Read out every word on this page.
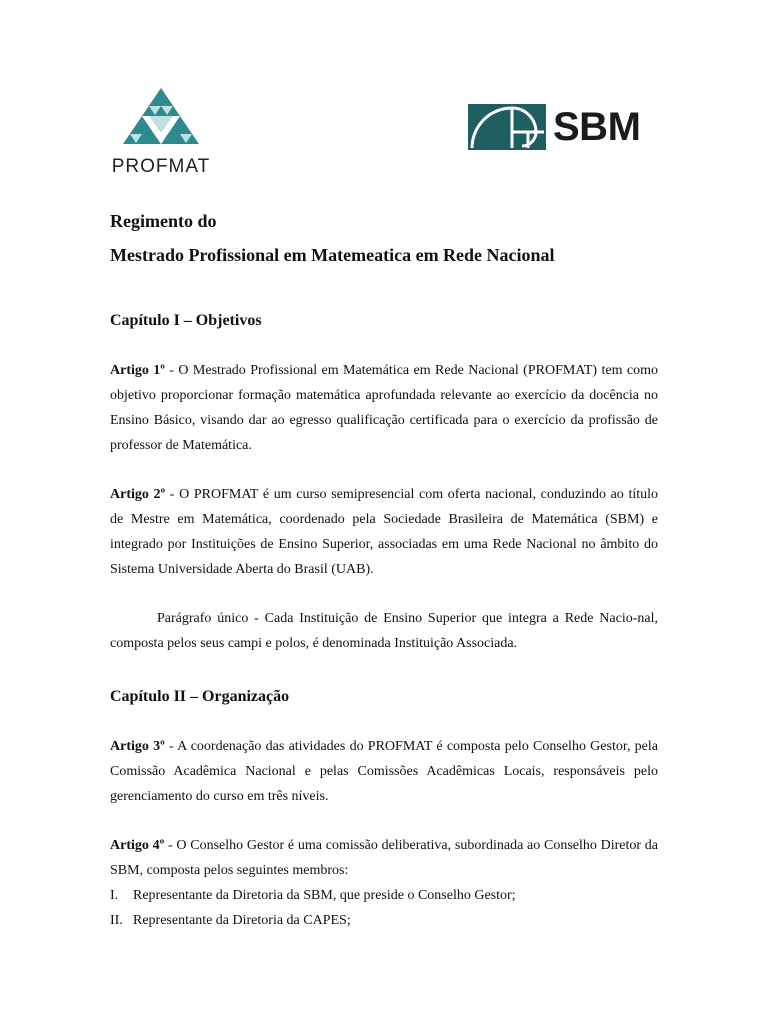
PROFMAT
SBM
Regimento do
Mestrado Profissional em Matemeatica em Rede Nacional
Capítulo I – Objetivos
Artigo 1º - O Mestrado Profissional em Matemática em Rede Nacional (PROFMAT) tem como objetivo proporcionar formação matemática aprofundada relevante ao exercício da docência no Ensino Básico, visando dar ao egresso qualificação certificada para o exercício da profissão de professor de Matemática.
Artigo 2º - O PROFMAT é um curso semipresencial com oferta nacional, conduzindo ao título de Mestre em Matemática, coordenado pela Sociedade Brasileira de Matemática (SBM) e integrado por Instituições de Ensino Superior, associadas em uma Rede Nacional no âmbito do Sistema Universidade Aberta do Brasil (UAB).
Parágrafo único - Cada Instituição de Ensino Superior que integra a Rede Nacio-nal, composta pelos seus campi e polos, é denominada Instituição Associada.
Capítulo II – Organização
Artigo 3º - A coordenação das atividades do PROFMAT é composta pelo Conselho Gestor, pela Comissão Acadêmica Nacional e pelas Comissões Acadêmicas Locais, responsáveis pelo gerenciamento do curso em três níveis.
Artigo 4º - O Conselho Gestor é uma comissão deliberativa, subordinada ao Conselho Diretor da SBM, composta pelos seguintes membros:
I. Representante da Diretoria da SBM, que preside o Conselho Gestor;
II. Representante da Diretoria da CAPES;
